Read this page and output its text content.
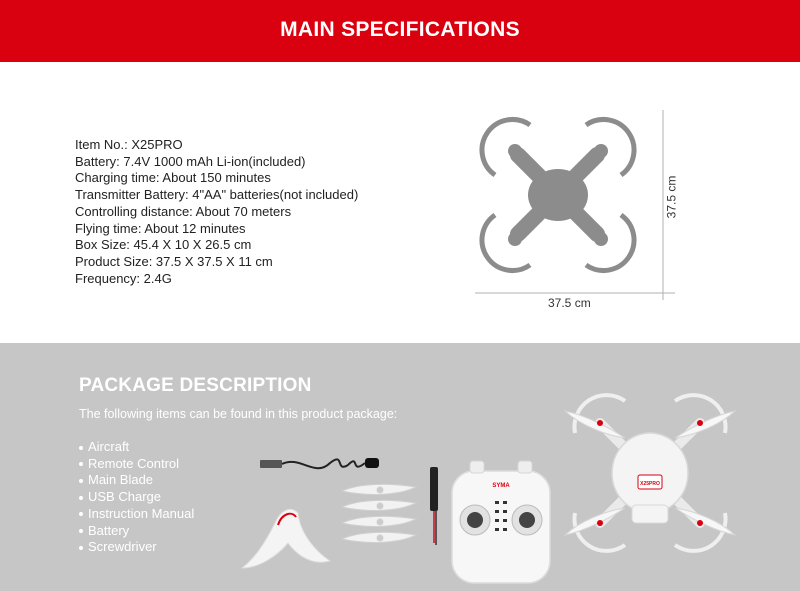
MAIN SPECIFICATIONS
Item No.: X25PRO
Battery: 7.4V 1000 mAh Li-ion(included)
Charging time: About 150 minutes
Transmitter Battery: 4"AA" batteries(not included)
Controlling distance: About 70 meters
Flying time: About 12 minutes
Box Size: 45.4 X 10 X 26.5 cm
Product Size: 37.5 X 37.5 X 11 cm
Frequency: 2.4G
37.5 cm
37.5 cm
PACKAGE DESCRIPTION
The following items can be found in this product package:
Aircraft
Remote Control
Main Blade
USB Charge
Instruction Manual
Battery
Screwdriver
SYMA	X25PRO
